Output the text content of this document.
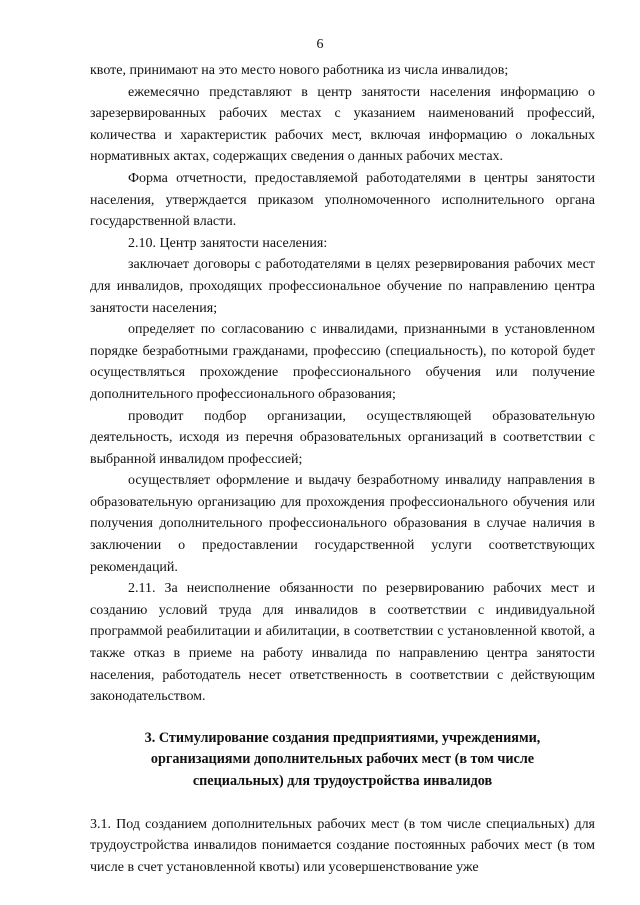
6

квоте, принимают на это место нового работника из числа инвалидов;

ежемесячно представляют в центр занятости населения информацию о зарезервированных рабочих местах с указанием наименований профессий, количества и характеристик рабочих мест, включая информацию о локальных нормативных актах, содержащих сведения о данных рабочих местах.

Форма отчетности, предоставляемой работодателями в центры занятости населения, утверждается приказом уполномоченного исполнительного органа государственной власти.

2.10. Центр занятости населения:

заключает договоры с работодателями в целях резервирования рабочих мест для инвалидов, проходящих профессиональное обучение по направлению центра занятости населения;

определяет по согласованию с инвалидами, признанными в установленном порядке безработными гражданами, профессию (специальность), по которой будет осуществляться прохождение профессионального обучения или получение дополнительного профессионального образования;

проводит подбор организации, осуществляющей образовательную деятельность, исходя из перечня образовательных организаций в соответствии с выбранной инвалидом профессией;

осуществляет оформление и выдачу безработному инвалиду направления в образовательную организацию для прохождения профессионального обучения или получения дополнительного профессионального образования в случае наличия в заключении о предоставлении государственной услуги соответствующих рекомендаций.

2.11. За неисполнение обязанности по резервированию рабочих мест и созданию условий труда для инвалидов в соответствии с индивидуальной программой реабилитации и абилитации, в соответствии с установленной квотой, а также отказ в приеме на работу инвалида по направлению центра занятости населения, работодатель несет ответственность в соответствии с действующим законодательством.

3. Стимулирование создания предприятиями, учреждениями, организациями дополнительных рабочих мест (в том числе специальных) для трудоустройства инвалидов

3.1. Под созданием дополнительных рабочих мест (в том числе специальных) для трудоустройства инвалидов понимается создание постоянных рабочих мест (в том числе в счет установленной квоты) или усовершенствование уже
